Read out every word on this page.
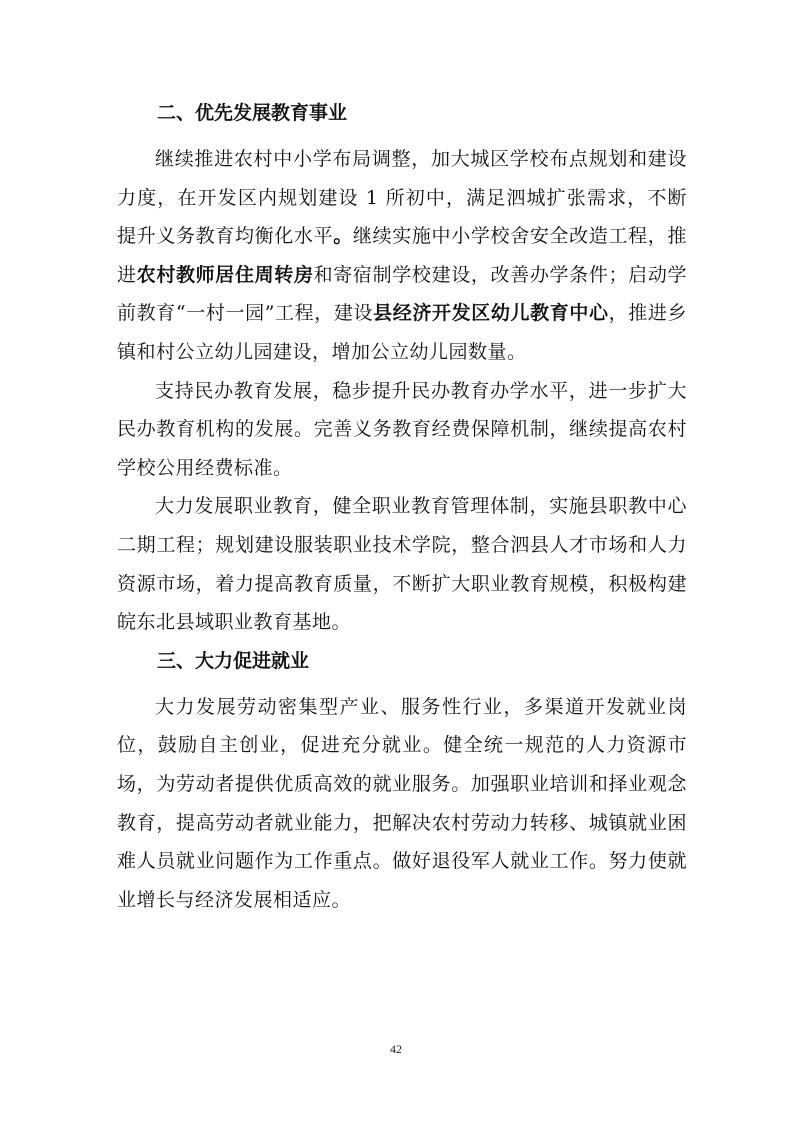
二、优先发展教育事业

继续推进农村中小学布局调整，加大城区学校布点规划和建设力度，在开发区内规划建设 1 所初中，满足泗城扩张需求，不断提升义务教育均衡化水平。继续实施中小学校舍安全改造工程，推进农村教师居住周转房和寄宿制学校建设，改善办学条件；启动学前教育“一村一园”工程，建设县经济开发区幼儿教育中心，推进乡镇和村公立幼儿园建设，增加公立幼儿园数量。

支持民办教育发展，稳步提升民办教育办学水平，进一步扩大民办教育机构的发展。完善义务教育经费保障机制，继续提高农村学校公用经费标准。

大力发展职业教育，健全职业教育管理体制，实施县职教中心二期工程；规划建设服装职业技术学院，整合泗县人才市场和人力资源市场，着力提高教育质量，不断扩大职业教育规模，积极构建皖东北县域职业教育基地。

三、大力促进就业

大力发展劳动密集型产业、服务性行业，多渠道开发就业岗位，鼓励自主创业，促进充分就业。健全统一规范的人力资源市场，为劳动者提供优质高效的就业服务。加强职业培训和择业观念教育，提高劳动者就业能力，把解决农村劳动力转移、城镇就业困难人员就业问题作为工作重点。做好退役军人就业工作。努力使就业增长与经济发展相适应。

42
